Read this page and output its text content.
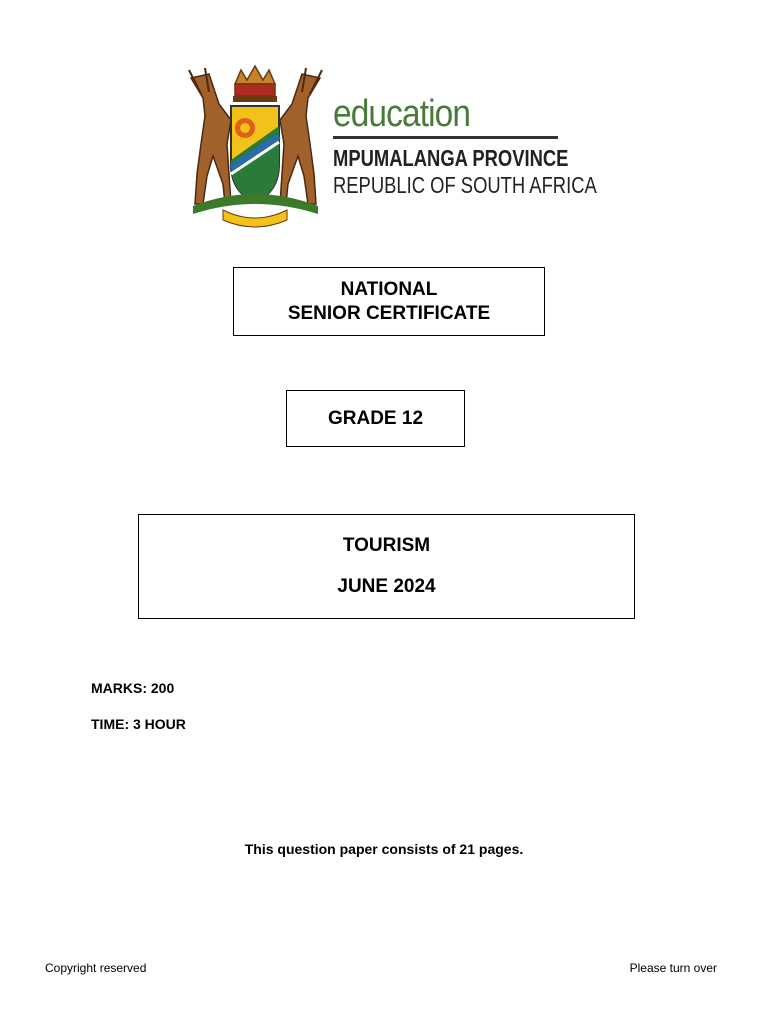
education
MPUMALANGA PROVINCE
REPUBLIC OF SOUTH AFRICA
NATIONAL
SENIOR CERTIFICATE
GRADE 12
TOURISM
JUNE 2024
MARKS: 200
TIME: 3 HOUR
This question paper consists of 21 pages.
Copyright reserved	Please turn over
